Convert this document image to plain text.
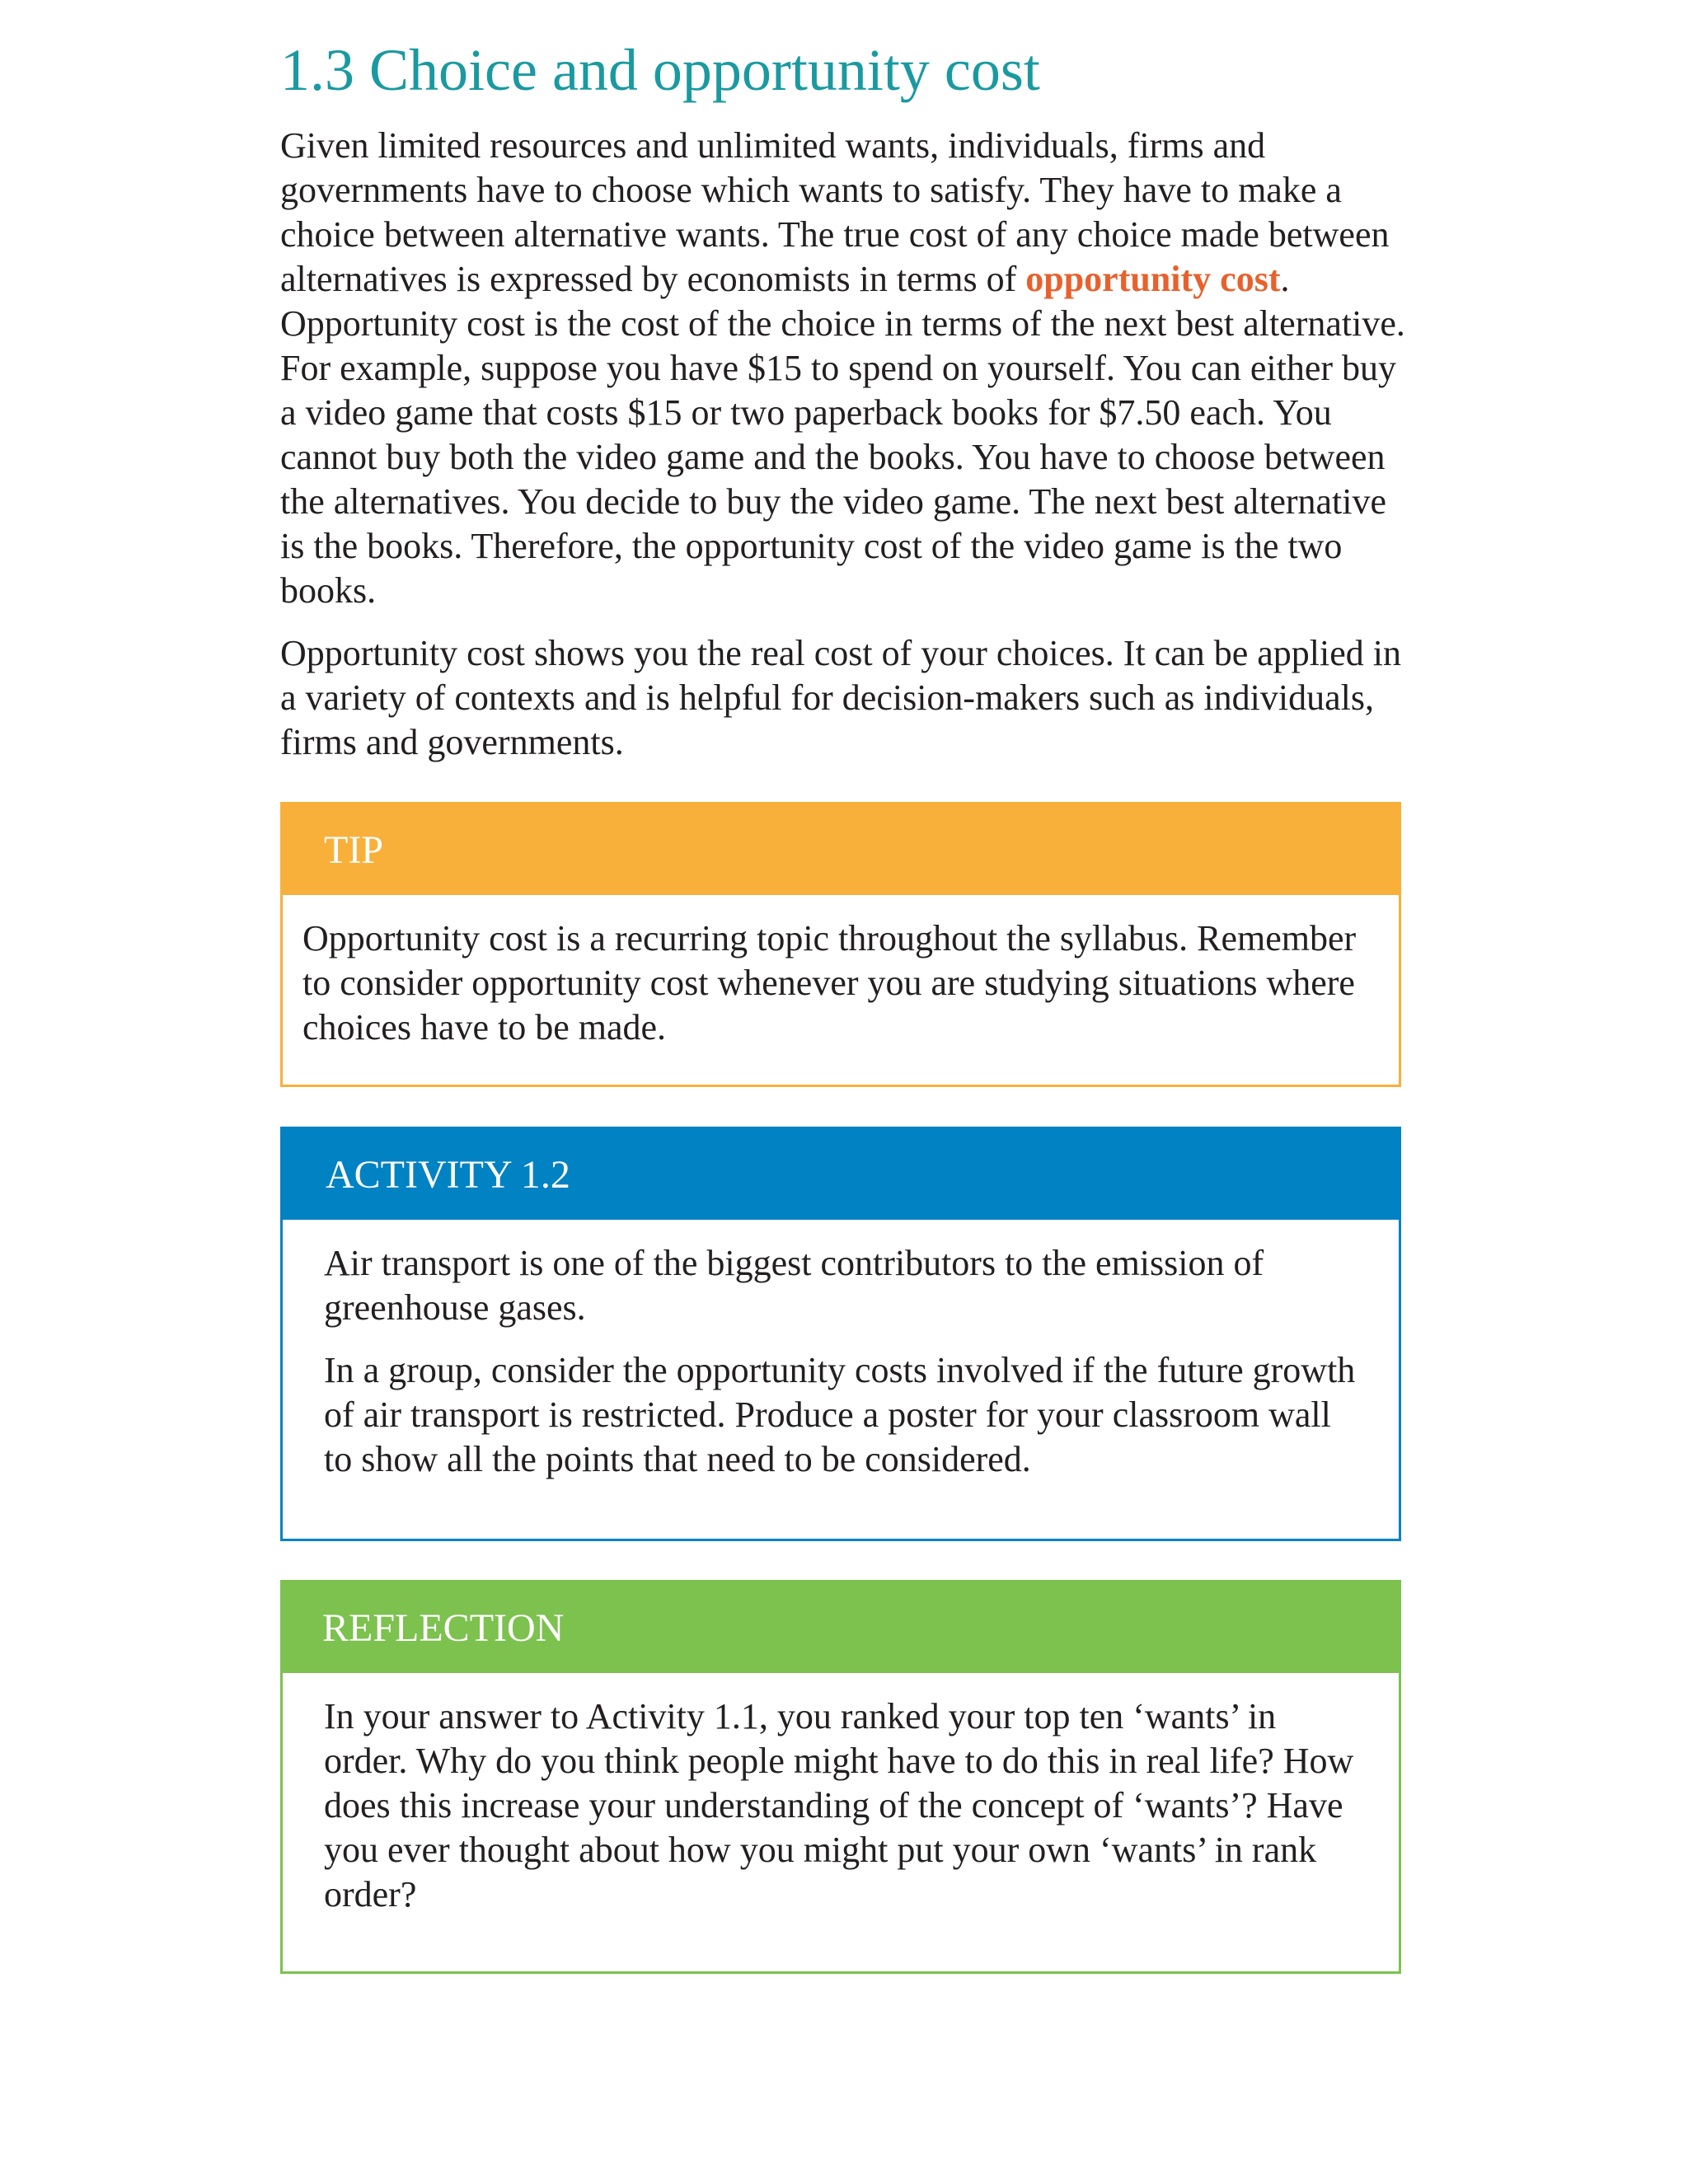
1.3 Choice and opportunity cost

Given limited resources and unlimited wants, individuals, firms and governments have to choose which wants to satisfy. They have to make a choice between alternative wants. The true cost of any choice made between alternatives is expressed by economists in terms of opportunity cost. Opportunity cost is the cost of the choice in terms of the next best alternative. For example, suppose you have $15 to spend on yourself. You can either buy a video game that costs $15 or two paperback books for $7.50 each. You cannot buy both the video game and the books. You have to choose between the alternatives. You decide to buy the video game. The next best alternative is the books. Therefore, the opportunity cost of the video game is the two books.

Opportunity cost shows you the real cost of your choices. It can be applied in a variety of contexts and is helpful for decision-makers such as individuals, firms and governments.

TIP

Opportunity cost is a recurring topic throughout the syllabus. Remember to consider opportunity cost whenever you are studying situations where choices have to be made.

ACTIVITY 1.2

Air transport is one of the biggest contributors to the emission of greenhouse gases.

In a group, consider the opportunity costs involved if the future growth of air transport is restricted. Produce a poster for your classroom wall to show all the points that need to be considered.

REFLECTION

In your answer to Activity 1.1, you ranked your top ten ‘wants’ in order. Why do you think people might have to do this in real life? How does this increase your understanding of the concept of ‘wants’? Have you ever thought about how you might put your own ‘wants’ in rank order?
